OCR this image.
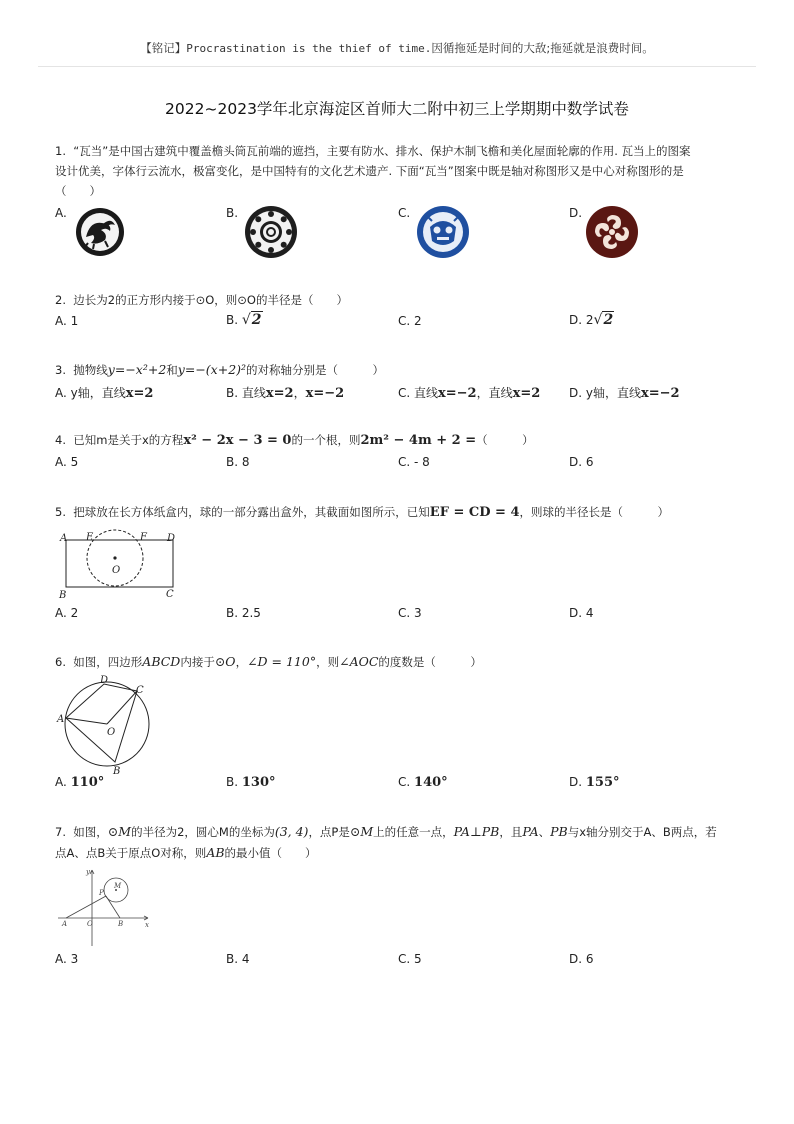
【铭记】Procrastination is the thief of time.因循拖延是时间的大敌;拖延就是浪费时间。
2022~2023学年北京海淀区首师大二附中初三上学期期中数学试卷
1. “瓦当”是中国古建筑中覆盖檐头筒瓦前端的遮挡，主要有防水、排水、保护木制飞檐和美化屋面轮廓的作用. 瓦当上的图案
设计优美，字体行云流水，极富变化，是中国特有的文化艺术遗产. 下面“瓦当”图案中既是轴对称图形又是中心对称图形的是
（　　）
A.	B.	C.	D.
2. 边长为2的正方形内接于⊙O，则⊙O的半径是（　　）
A. 1	B. √2	C. 2	D. 2√2
3. 抛物线y=−x²+2和y=−(x+2)²的对称轴分别是（　　　）
A. y轴，直线x=2	B. 直线x=2，x=−2	C. 直线x=−2，直线x=2 D. y轴，直线x=−2
4. 已知m是关于x的方程x² − 2x − 3 = 0的一个根，则2m² − 4m + 2 =（　　　）
A. 5	B. 8	C. - 8	D. 6
5. 把球放在长方体纸盒内，球的一部分露出盒外，其截面如图所示，已知EF = CD = 4，则球的半径长是（　　　）
A E	F D
O
B	C
A. 2	B. 2.5	C. 3	D. 4
6. 如图，四边形ABCD内接于⊙O，∠D = 110°，则∠AOC的度数是（　　　）
A
D
C
O
B
A. 110°	B. 130°	C. 140°	D. 155°
7. 如图，⊙M的半径为2，圆心M的坐标为(3, 4)，点P是⊙M上的任意一点，PA⊥PB，且PA、PB与x轴分别交于A、B两点，若
点A、点B关于原点O对称，则AB的最小值（　　）
y
x
P
M
O
A	B
A. 3	B. 4	C. 5	D. 6
